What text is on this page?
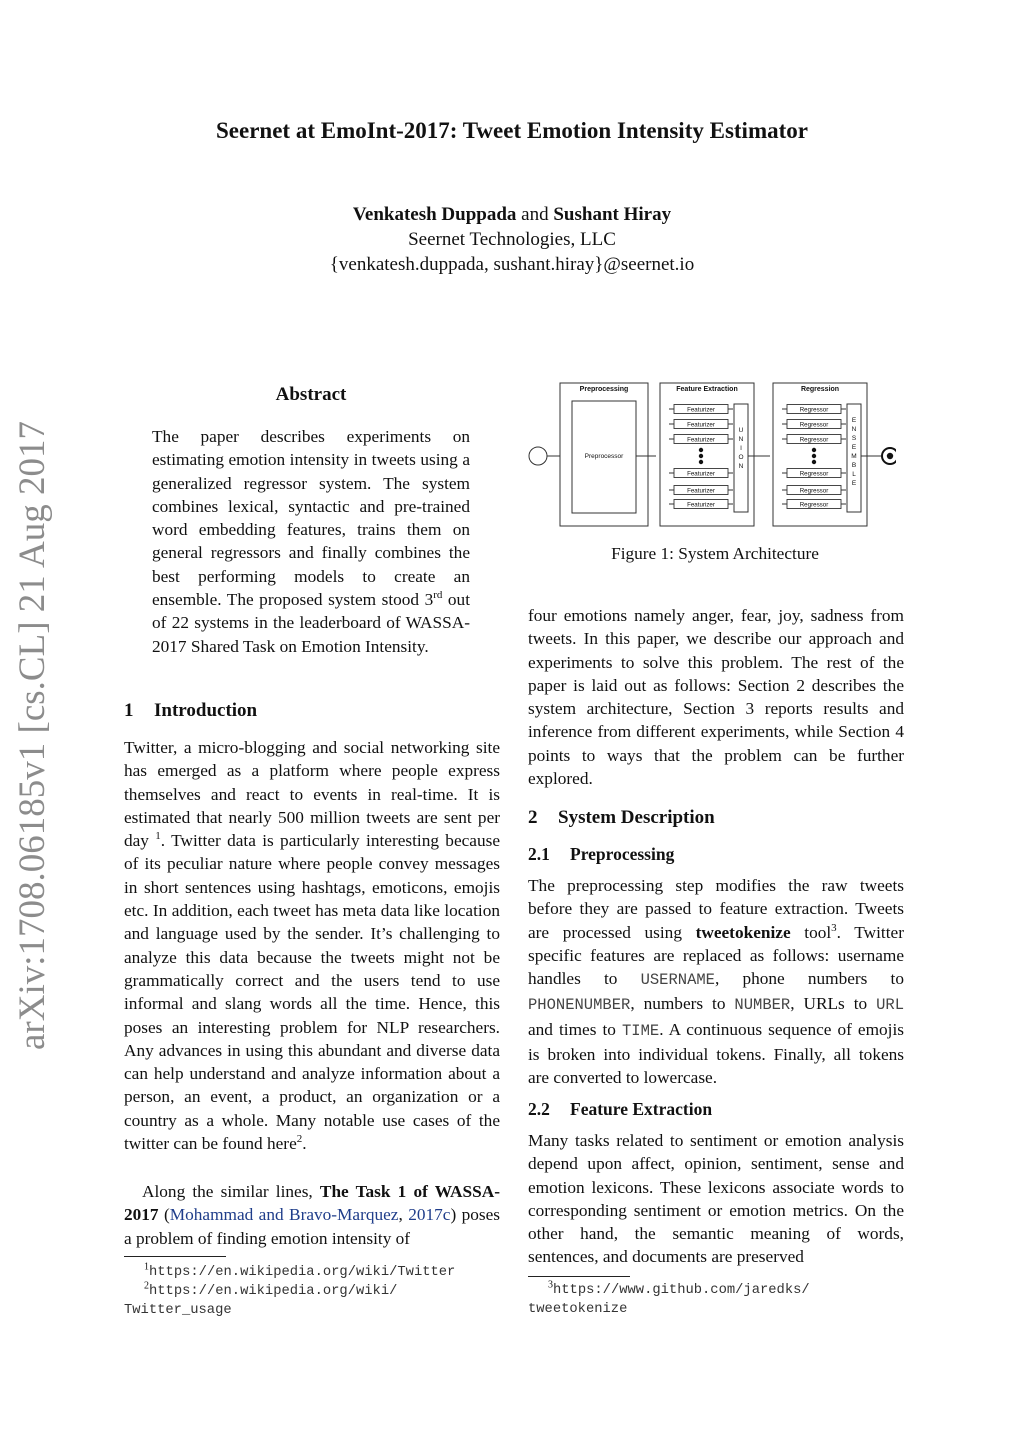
Seernet at EmoInt-2017: Tweet Emotion Intensity Estimator
Venkatesh Duppada and Sushant Hiray
Seernet Technologies, LLC
{venkatesh.duppada, sushant.hiray}@seernet.io
arXiv:1708.06185v1 [cs.CL] 21 Aug 2017
Abstract

The paper describes experiments on estimating emotion intensity in tweets using a generalized regressor system. The system combines lexical, syntactic and pre-trained word embedding features, trains them on general regressors and finally combines the best performing models to create an ensemble. The proposed system stood 3rd out of 22 systems in the leaderboard of WASSA-2017 Shared Task on Emotion Intensity.

1 Introduction

Twitter, a micro-blogging and social networking site has emerged as a platform where people express themselves and react to events in real-time. It is estimated that nearly 500 million tweets are sent per day $^1$. Twitter data is particularly interesting because of its peculiar nature where people convey messages in short sentences using hashtags, emoticons, emojis etc. In addition, each tweet has meta data like location and language used by the sender. It’s challenging to analyze this data because the tweets might not be grammatically correct and the users tend to use informal and slang words all the time. Hence, this poses an interesting problem for NLP researchers. Any advances in using this abundant and diverse data can help understand and analyze information about a person, an event, a product, an organization or a country as a whole. Many notable use cases of the twitter can be found here$^2$.

Along the similar lines, The Task 1 of WASSA-2017 (Mohammad and Bravo-Marquez, 2017c) poses a problem of finding emotion intensity of

$^1$https://en.wikipedia.org/wiki/Twitter
$^2$https://en.wikipedia.org/wiki/
Twitter_usage
Preprocessing
Preprocessor
Feature Extraction
Featurizer
Featurizer
Featurizer
Featurizer
Featurizer
Featurizer
U
N
I
O
N
Regression
Regressor
Regressor
Regressor
Regressor
Regressor
Regressor
E
N
S
E
M
B
L
E
Figure 1: System Architecture

four emotions namely anger, fear, joy, sadness from tweets. In this paper, we describe our approach and experiments to solve this problem. The rest of the paper is laid out as follows: Section 2 describes the system architecture, Section 3 reports results and inference from different experiments, while Section 4 points to ways that the problem can be further explored.

2 System Description
2.1 Preprocessing

The preprocessing step modifies the raw tweets before they are passed to feature extraction. Tweets are processed using tweetokenize tool$^3$. Twitter specific features are replaced as follows: username handles to USERNAME, phone numbers to PHONENUMBER, numbers to NUMBER, URLs to URL and times to TIME. A continuous sequence of emojis is broken into individual tokens. Finally, all tokens are converted to lowercase.

2.2 Feature Extraction

Many tasks related to sentiment or emotion analysis depend upon affect, opinion, sentiment, sense and emotion lexicons. These lexicons associate words to corresponding sentiment or emotion metrics. On the other hand, the semantic meaning of words, sentences, and documents are preserved

$^3$https://www.github.com/jaredks/
tweetokenize
